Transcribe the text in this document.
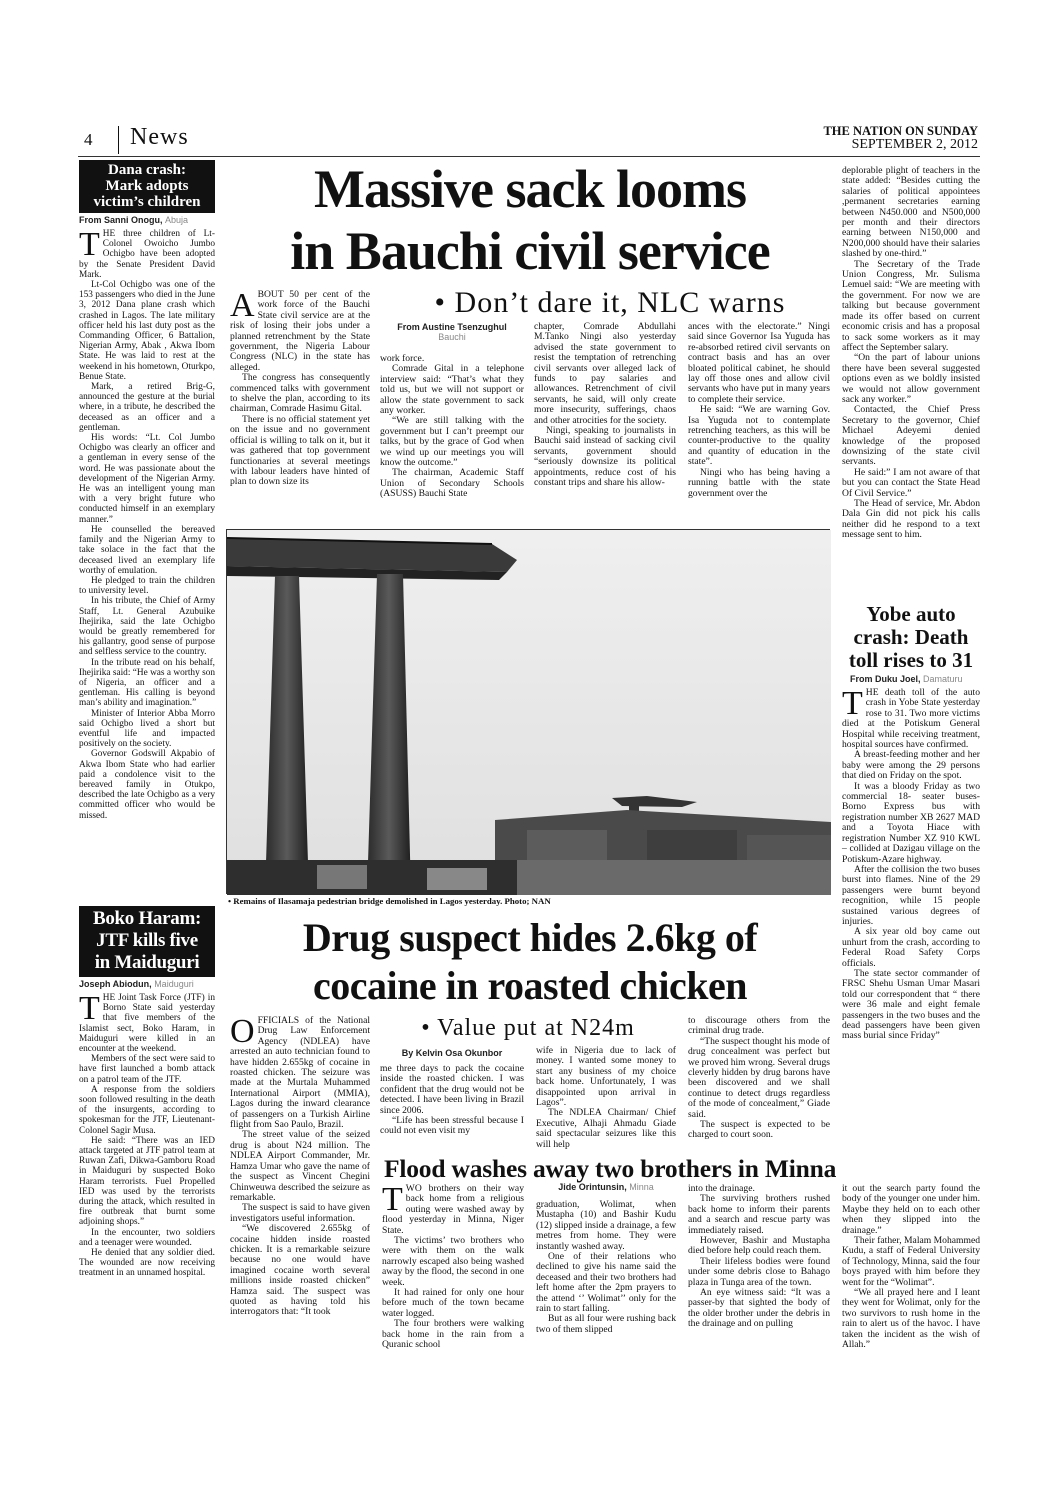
4 News	THE NATION ON SUNDAY
SEPTEMBER 2, 2012
Dana crash:
Mark adopts
victim’s children
From Sanni Onogu, Abuja

THE three children of Lt-Colonel Owoicho Jumbo Ochigbo have been adopted by the Senate President David Mark.

Lt-Col Ochigbo was one of the 153 passengers who died in the June 3, 2012 Dana plane crash which crashed in Lagos. The late military officer held his last duty post as the Commanding Officer, 6 Battalion, Nigerian Army, Abak , Akwa Ibom State. He was laid to rest at the weekend in his hometown, Oturkpo, Benue State.

Mark, a retired Brig-G, announced the gesture at the burial where, in a tribute, he described the deceased as an officer and a gentleman.

His words: “Lt. Col Jumbo Ochigbo was clearly an officer and a gentleman in every sense of the word. He was passionate about the development of the Nigerian Army. He was an intelligent young man with a very bright future who conducted himself in an exemplary manner.”

He counselled the bereaved family and the Nigerian Army to take solace in the fact that the deceased lived an exemplary life worthy of emulation.

He pledged to train the children to university level.

In his tribute, the Chief of Army Staff, Lt. General Azubuike Ihejirika, said the late Ochigbo would be greatly remembered for his gallantry, good sense of purpose and selfless service to the country.

In the tribute read on his behalf, Ihejirika said: “He was a worthy son of Nigeria, an officer and a gentleman. His calling is beyond man’s ability and imagination.”

Minister of Interior Abba Morro said Ochigbo lived a short but eventful life and impacted positively on the society.

Governor Godswill Akpabio of Akwa Ibom State who had earlier paid a condolence visit to the bereaved family in Otukpo, described the late Ochigbo as a very committed officer who would be missed.

Boko Haram:
JTF kills five
in Maiduguri
Joseph Abiodun, Maiduguri

THE Joint Task Force (JTF) in Borno State said yesterday that five members of the Islamist sect, Boko Haram, in Maiduguri were killed in an encounter at the weekend.

Members of the sect were said to have first launched a bomb attack on a patrol team of the JTF.

A response from the soldiers soon followed resulting in the death of the insurgents, according to spokesman for the JTF, Lieutenant-Colonel Sagir Musa.

He said: “There was an IED attack targeted at JTF patrol team at Ruwan Zafi, Dikwa-Gamboru Road in Maiduguri by suspected Boko Haram terrorists. Fuel Propelled IED was used by the terrorists during the attack, which resulted in fire outbreak that burnt some adjoining shops.”

In the encounter, two soldiers and a teenager were wounded.

He denied that any soldier died. The wounded are now receiving treatment in an unnamed hospital.

Massive sack looms
in Bauchi civil service
• Don’t dare it, NLC warns

ABOUT 50 per cent of the work force of the Bauchi State civil service are at the risk of losing their jobs under a planned retrenchment by the State government, the Nigeria Labour Congress (NLC) in the state has alleged.

The congress has consequently commenced talks with government to shelve the plan, according to its chairman, Comrade Hasimu Gital.

There is no official statement yet on the issue and no government official is willing to talk on it, but it was gathered that top government functionaries at several meetings with labour leaders have hinted of plan to down size its

From Austine Tsenzughul
Bauchi

work force.

Comrade Gital in a telephone interview said: “That’s what they told us, but we will not support or allow the state government to sack any worker.

“We are still talking with the government but I can’t preempt our talks, but by the grace of God when we wind up our meetings you will know the outcome.”

The chairman, Academic Staff Union of Secondary Schools (ASUSS) Bauchi State

chapter, Comrade Abdullahi M.Tanko Ningi also yesterday advised the state government to resist the temptation of retrenching civil servants over alleged lack of funds to pay salaries and allowances. Retrenchment of civil servants, he said, will only create more insecurity, sufferings, chaos and other atrocities for the society.

Ningi, speaking to journalists in Bauchi said instead of sacking civil servants, government should “seriously downsize its political appointments, reduce cost of his constant trips and share his allow-

ances with the electorate.” Ningi said since Governor Isa Yuguda has re-absorbed retired civil servants on contract basis and has an over bloated political cabinet, he should lay off those ones and allow civil servants who have put in many years to complete their service.

He said: “We are warning Gov. Isa Yuguda not to contemplate retrenching teachers, as this will be counter-productive to the quality and quantity of education in the state”.

Ningi who has being having a running battle with the state government over the

deplorable plight of teachers in the state added: “Besides cutting the salaries of political appointees ,permanent secretaries earning between N450.000 and N500,000 per month and their directors earning between N150,000 and N200,000 should have their salaries slashed by one-third.”

The Secretary of the Trade Union Congress, Mr. Sulisma Lemuel said: “We are meeting with the government. For now we are talking but because government made its offer based on current economic crisis and has a proposal to sack some workers as it may affect the September salary.

“On the part of labour unions there have been several suggested options even as we boldly insisted we would not allow government sack any worker.”

Contacted, the Chief Press Secretary to the governor, Chief Michael Adeyemi denied knowledge of the proposed downsizing of the state civil servants.

He said:” I am not aware of that but you can contact the State Head Of Civil Service.”

The Head of service, Mr. Abdon Dala Gin did not pick his calls neither did he respond to a text message sent to him.

• Remains of Ilasamaja pedestrian bridge demolished in Lagos yesterday. Photo; NAN
Yobe auto
crash: Death
toll rises to 31
From Duku Joel, Damaturu

THE death toll of the auto crash in Yobe State yesterday rose to 31. Two more victims died at the Potiskum General Hospital while receiving treatment, hospital sources have confirmed.

A breast-feeding mother and her baby were among the 29 persons that died on Friday on the spot.

It was a bloody Friday as two commercial 18- seater buses- Borno Express bus with registration number XB 2627 MAD and a Toyota Hiace with registration Number XZ 910 KWL – collided at Dazigau village on the Potiskum-Azare highway.

After the collision the two buses burst into flames. Nine of the 29 passengers were burnt beyond recognition, while 15 people sustained various degrees of injuries.

A six year old boy came out unhurt from the crash, according to Federal Road Safety Corps officials.

The state sector commander of FRSC Shehu Usman Umar Masari told our correspondent that “ there were 36 male and eight female passengers in the two buses and the dead passengers have been given mass burial since Friday”

Drug suspect hides 2.6kg of
cocaine in roasted chicken

OFFICIALS of the National Drug Law Enforcement Agency (NDLEA) have arrested an auto technician found to have hidden 2.655kg of cocaine in roasted chicken. The seizure was made at the Murtala Muhammed International Airport (MMIA), Lagos during the inward clearance of passengers on a Turkish Airline flight from Sao Paulo, Brazil.

The street value of the seized drug is about N24 million. The NDLEA Airport Commander, Mr. Hamza Umar who gave the name of the suspect as Vincent Chegini Chinweuwa described the seizure as remarkable.

The suspect is said to have given investigators useful information.

“We discovered 2.655kg of cocaine hidden inside roasted chicken. It is a remarkable seizure because no one would have imagined cocaine worth several millions inside roasted chicken” Hamza said. The suspect was quoted as having told his interrogators that: “It took

• Value put at N24m
By Kelvin Osa Okunbor

me three days to pack the cocaine inside the roasted chicken. I was confident that the drug would not be detected. I have been living in Brazil since 2006.

“Life has been stressful because I could not even visit my

wife in Nigeria due to lack of money. I wanted some money to start any business of my choice back home. Unfortunately, I was disappointed upon arrival in Lagos”.

The NDLEA Chairman/ Chief Executive, Alhaji Ahmadu Giade said spectacular seizures like this will help

to discourage others from the criminal drug trade.

“The suspect thought his mode of drug concealment was perfect but we proved him wrong. Several drugs cleverly hidden by drug barons have been discovered and we shall continue to detect drugs regardless of the mode of concealment,” Giade said.

The suspect is expected to be charged to court soon.

Flood washes away two brothers in Minna

TWO brothers on their way back home from a religious outing were washed away by flood yesterday in Minna, Niger State.

The victims’ two brothers who were with them on the walk narrowly escaped also being washed away by the flood, the second in one week.

It had rained for only one hour before much of the town became water logged.

The four brothers were walking back home in the rain from a Quranic school

Jide Orintunsin, Minna

graduation, Wolimat, when Mustapha (10) and Bashir Kudu (12) slipped inside a drainage, a few metres from home. They were instantly washed away.

One of their relations who declined to give his name said the deceased and their two brothers had left home after the 2pm prayers to the attend ‘’ Wolimat’’ only for the rain to start falling.

But as all four were rushing back two of them slipped

into the drainage.

The surviving brothers rushed back home to inform their parents and a search and rescue party was immediately raised.

However, Bashir and Mustapha died before help could reach them.

Their lifeless bodies were found under some debris close to Bahago plaza in Tunga area of the town.

An eye witness said: “It was a passer-by that sighted the body of the older brother under the debris in the drainage and on pulling

it out the search party found the body of the younger one under him. Maybe they held on to each other when they slipped into the drainage.”

Their father, Malam Mohammed Kudu, a staff of Federal University of Technology, Minna, said the four boys prayed with him before they went for the “Wolimat”.

“We all prayed here and I leant they went for Wolimat, only for the two survivors to rush home in the rain to alert us of the havoc. I have taken the incident as the wish of Allah.”
